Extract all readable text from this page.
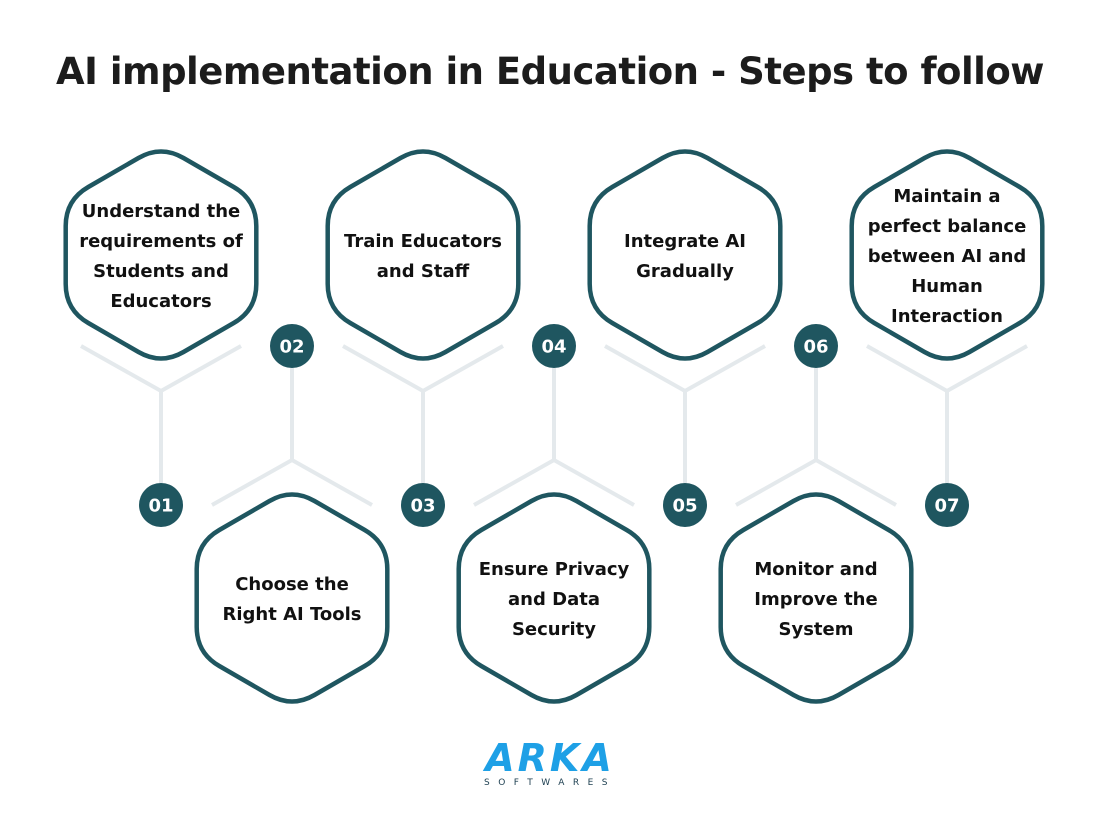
AI implementation in Education - Steps to follow
Understand the
requirements of
Students and
Educators
Choose the
Right AI Tools
Train Educators
and Staff
Ensure Privacy
and Data
Security
Integrate AI
Gradually
Monitor and
Improve the
System
Maintain a
perfect balance
between AI and
Human
Interaction
01
02
03
04
05
06
07
ARKA
SOFTWARES
